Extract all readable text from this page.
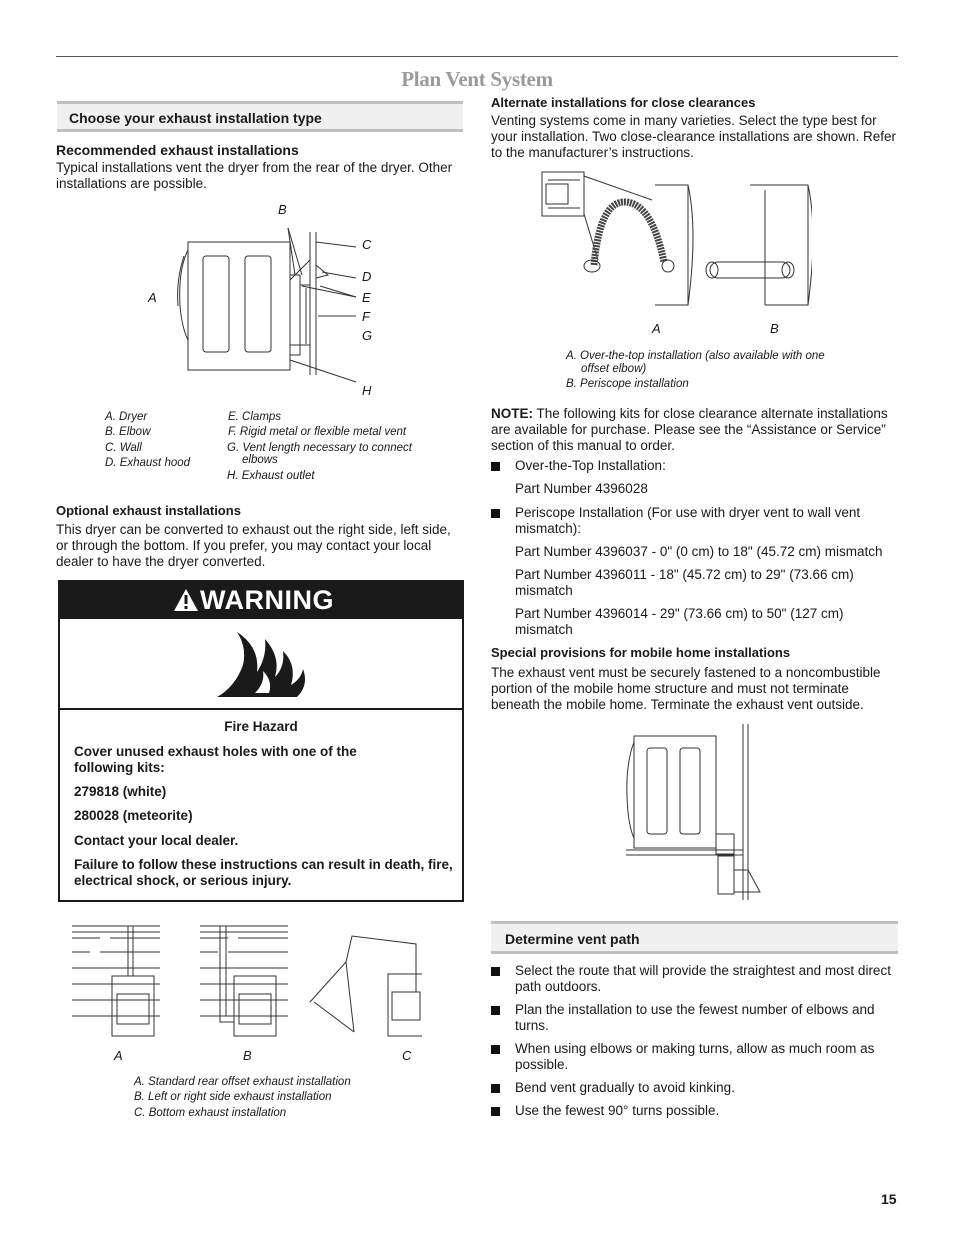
Plan Vent System
Choose your exhaust installation type
Recommended exhaust installations
Typical installations vent the dryer from the rear of the dryer. Other installations are possible.
B
C
D
E
F
G
H
A
A. Dryer
B. Elbow
C. Wall
D. Exhaust hood
E. Clamps
F. Rigid metal or flexible metal vent
G. Vent length necessary to connect
elbows
H. Exhaust outlet
Optional exhaust installations
This dryer can be converted to exhaust out the right side, left side, or through the bottom. If you prefer, you may contact your local dealer to have the dryer converted.
WARNING
Fire Hazard
Cover unused exhaust holes with one of the following kits:
279818 (white)
280028 (meteorite)
Contact your local dealer.
Failure to follow these instructions can result in death, fire, electrical shock, or serious injury.
A	B	C
A. Standard rear offset exhaust installation
B. Left or right side exhaust installation
C. Bottom exhaust installation
Alternate installations for close clearances
Venting systems come in many varieties. Select the type best for your installation. Two close-clearance installations are shown. Refer to the manufacturer’s instructions.
A	B
A. Over-the-top installation (also available with one
offset elbow)
B. Periscope installation
NOTE: The following kits for close clearance alternate installations are available for purchase. Please see the “Assistance or Service” section of this manual to order.
Over-the-Top Installation:
Part Number 4396028
Periscope Installation (For use with dryer vent to wall vent mismatch):
Part Number 4396037 - 0" (0 cm) to 18" (45.72 cm) mismatch
Part Number 4396011 - 18" (45.72 cm) to 29" (73.66 cm) mismatch
Part Number 4396014 - 29" (73.66 cm) to 50" (127 cm) mismatch
Special provisions for mobile home installations
The exhaust vent must be securely fastened to a noncombustible portion of the mobile home structure and must not terminate beneath the mobile home. Terminate the exhaust vent outside.
Determine vent path
Select the route that will provide the straightest and most direct path outdoors.
Plan the installation to use the fewest number of elbows and turns.
When using elbows or making turns, allow as much room as possible.
Bend vent gradually to avoid kinking.
Use the fewest 90° turns possible.
15
